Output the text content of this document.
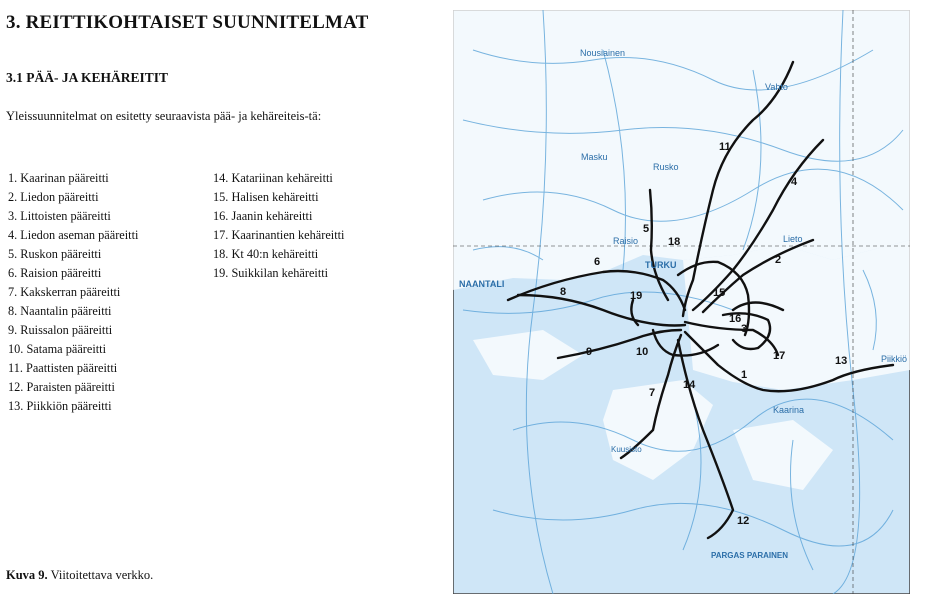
3. REITTIKOHTAISET SUUNNITELMAT
3.1 PÄÄ- JA KEHÄREITIT
Yleissuunnitelmat on esitetty seuraavista pää- ja kehäreiteis-tä:
1. Kaarinan pääreitti
2. Liedon pääreitti
3. Littoisten pääreitti
4. Liedon aseman pääreitti
5. Ruskon pääreitti
6. Raision pääreitti
7. Kakskerran pääreitti
8. Naantalin pääreitti
9. Ruissalon pääreitti
10. Satama pääreitti
11. Paattisten pääreitti
12. Paraisten pääreitti
13. Piikkiön pääreitti
14. Katariinan kehäreitti
15. Halisen kehäreitti
16. Jaanin kehäreitti
17. Kaarinantien kehäreitti
18. Kt 40:n kehäreitti
19. Suikkilan kehäreitti
Kuva 9. Viitoitettava verkko.
Nousiainen
Vahto
Masku
Rusko
Raisio
TURKU
NAANTALI
Lieto
Kaarina
Piikkiö
Kuusisto
PARGAS PARAINEN
1
2
3
4
5
6
7
8
9	10
11
12
13
14
15
16
17
18
19
